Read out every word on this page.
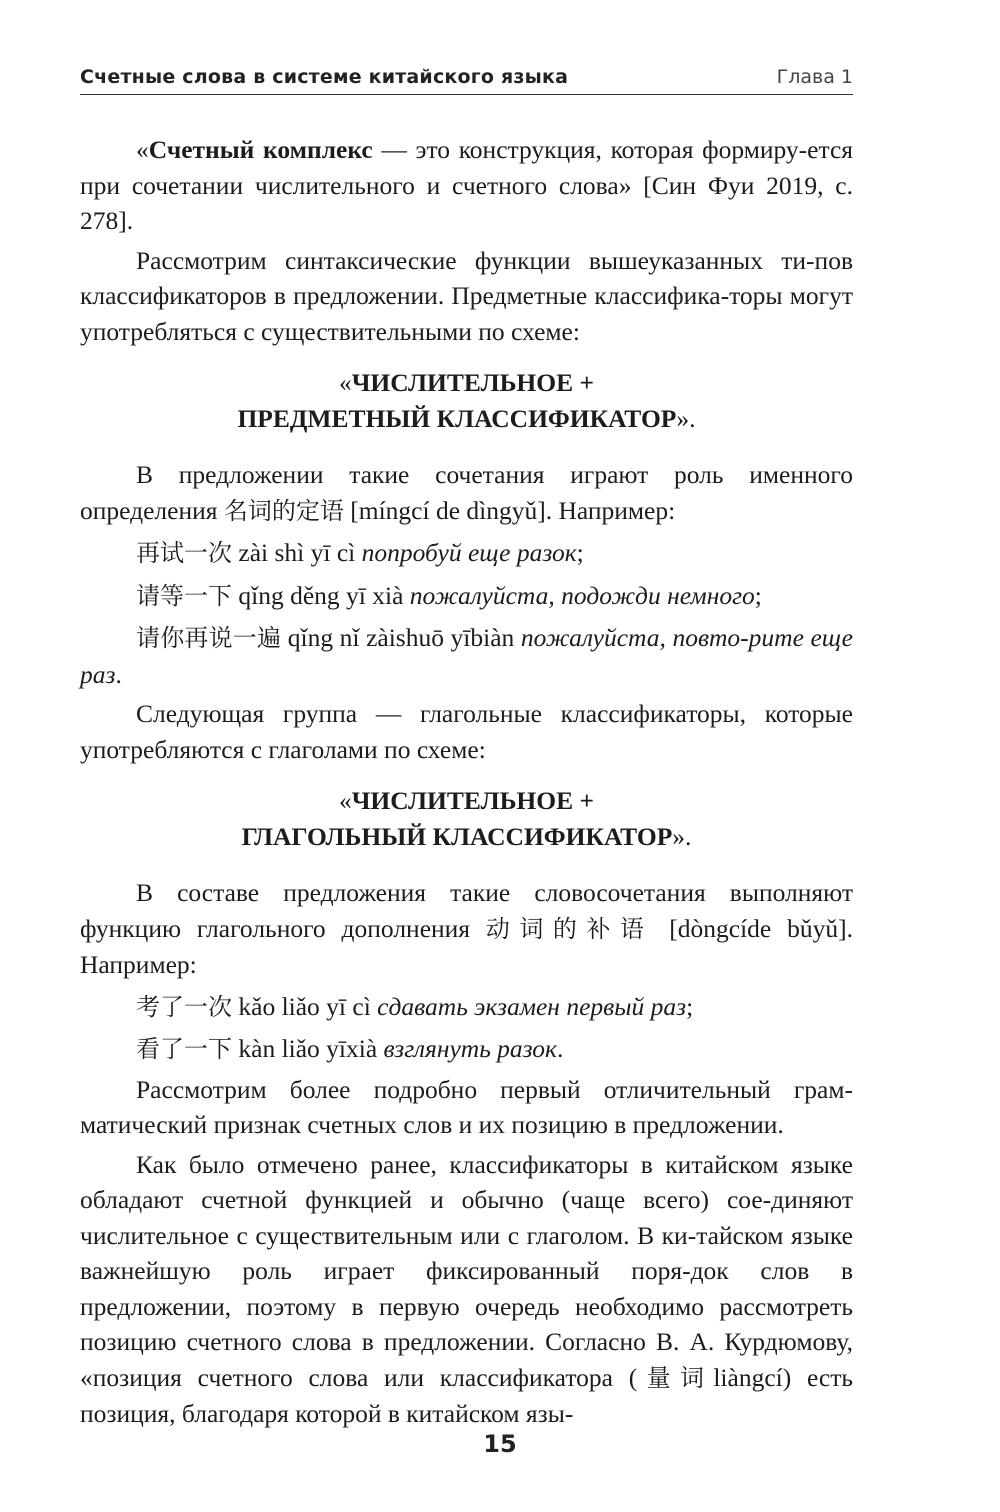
Счетные слова в системе китайского языка	Глава 1

«Счетный комплекс — это конструкция, которая формиру-ется при сочетании числительного и счетного слова» [Син Фуи 2019, с. 278].

Рассмотрим синтаксические функции вышеуказанных ти-пов классификаторов в предложении. Предметные классифика-торы могут употребляться с существительными по схеме:

«ЧИСЛИТЕЛЬНОЕ +
ПРЕДМЕТНЫЙ КЛАССИФИКАТОР».

В предложении такие сочетания играют роль именного определения 名词的定语 [míngcí de dìngyǔ]. Например:

再试一次 zài shì yī cì попробуй еще разок;

请等一下 qǐng děng yī xià пожалуйста, подожди немного;

请你再说一遍 qǐng nǐ zàishuō yībiàn пожалуйста, повто-рите еще раз.

Следующая группа — глагольные классификаторы, которые употребляются с глаголами по схеме:

«ЧИСЛИТЕЛЬНОЕ +
ГЛАГОЛЬНЫЙ КЛАССИФИКАТОР».

В составе предложения такие словосочетания выполняют функцию глагольного дополнения 动词的补语 [dòngcíde bǔyǔ]. Например:

考了一次 kǎo liǎo yī cì сдавать экзамен первый раз;

看了一下 kàn liǎo yīxià взглянуть разок.

Рассмотрим более подробно первый отличительный грам-матический признак счетных слов и их позицию в предложении.

Как было отмечено ранее, классификаторы в китайском языке обладают счетной функцией и обычно (чаще всего) сое-диняют числительное с существительным или с глаголом. В ки-тайском языке важнейшую роль играет фиксированный поря-док слов в предложении, поэтому в первую очередь необходимо рассмотреть позицию счетного слова в предложении. Согласно В. А. Курдюмову, «позиция счетного слова или классификатора (量词liàngcí) есть позиция, благодаря которой в китайском язы-

15
